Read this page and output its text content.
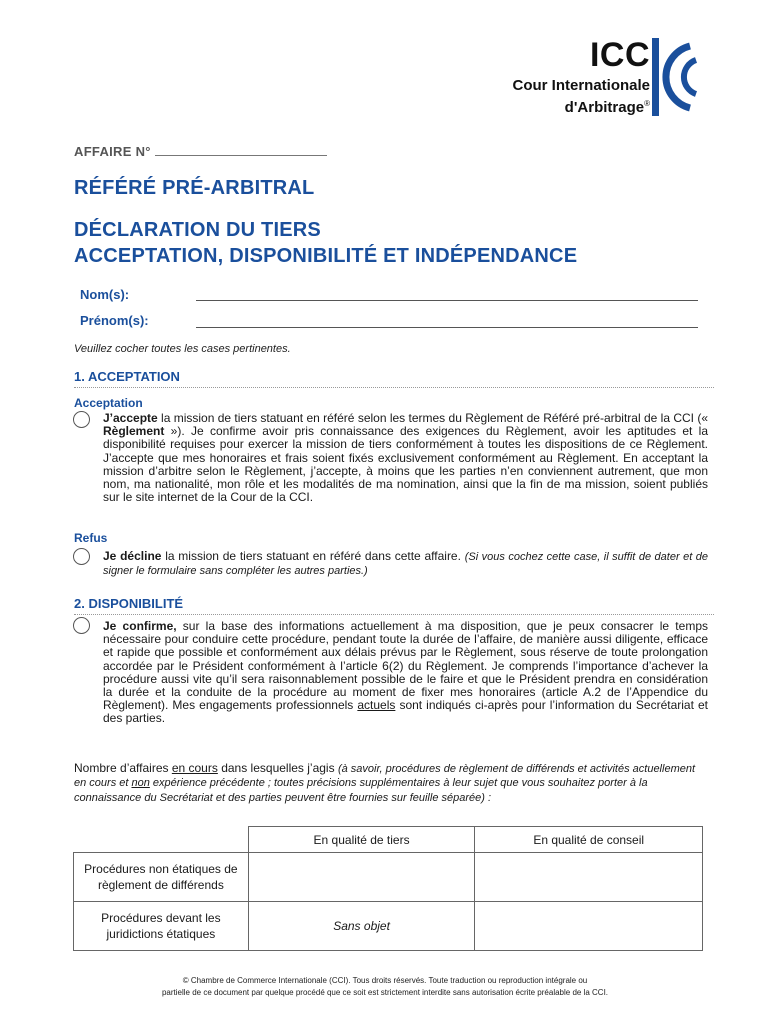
ICC
Cour Internationale
d'Arbitrage®
AFFAIRE N°
RÉFÉRÉ PRÉ-ARBITRAL
DÉCLARATION DU TIERS
ACCEPTATION, DISPONIBILITÉ ET INDÉPENDANCE
Nom(s):
Prénom(s):
Veuillez cocher toutes les cases pertinentes.
1. ACCEPTATION
Acceptation
J’accepte la mission de tiers statuant en référé selon les termes du Règlement de Référé pré-arbitral de la CCI (« Règlement »). Je confirme avoir pris connaissance des exigences du Règlement, avoir les aptitudes et la disponibilité requises pour exercer la mission de tiers conformément à toutes les dispositions de ce Règlement. J’accepte que mes honoraires et frais soient fixés exclusivement conformément au Règlement. En acceptant la mission d’arbitre selon le Règlement, j’accepte, à moins que les parties n’en conviennent autrement, que mon nom, ma nationalité, mon rôle et les modalités de ma nomination, ainsi que la fin de ma mission, soient publiés sur le site internet de la Cour de la CCI.
Refus
Je décline la mission de tiers statuant en référé dans cette affaire. (Si vous cochez cette case, il suffit de dater et de signer le formulaire sans compléter les autres parties.)
2. DISPONIBILITÉ
Je confirme, sur la base des informations actuellement à ma disposition, que je peux consacrer le temps nécessaire pour conduire cette procédure, pendant toute la durée de l’affaire, de manière aussi diligente, efficace et rapide que possible et conformément aux délais prévus par le Règlement, sous réserve de toute prolongation accordée par le Président conformément à l’article 6(2) du Règlement. Je comprends l’importance d’achever la procédure aussi vite qu’il sera raisonnablement possible de le faire et que le Président prendra en considération la durée et la conduite de la procédure au moment de fixer mes honoraires (article A.2 de l’Appendice du Règlement). Mes engagements professionnels actuels sont indiqués ci-après pour l’information du Secrétariat et des parties.
Nombre d’affaires en cours dans lesquelles j’agis (à savoir, procédures de règlement de différends et activités actuellement en cours et non expérience précédente ; toutes précisions supplémentaires à leur sujet que vous souhaitez porter à la connaissance du Secrétariat et des parties peuvent être fournies sur feuille séparée) :
	En qualité de tiers	En qualité de conseil
Procédures non étatiques de règlement de différends		
Procédures devant les juridictions étatiques	Sans objet	
© Chambre de Commerce Internationale (CCI). Tous droits réservés. Toute traduction ou reproduction intégrale ou
partielle de ce document par quelque procédé que ce soit est strictement interdite sans autorisation écrite préalable de la CCI.
